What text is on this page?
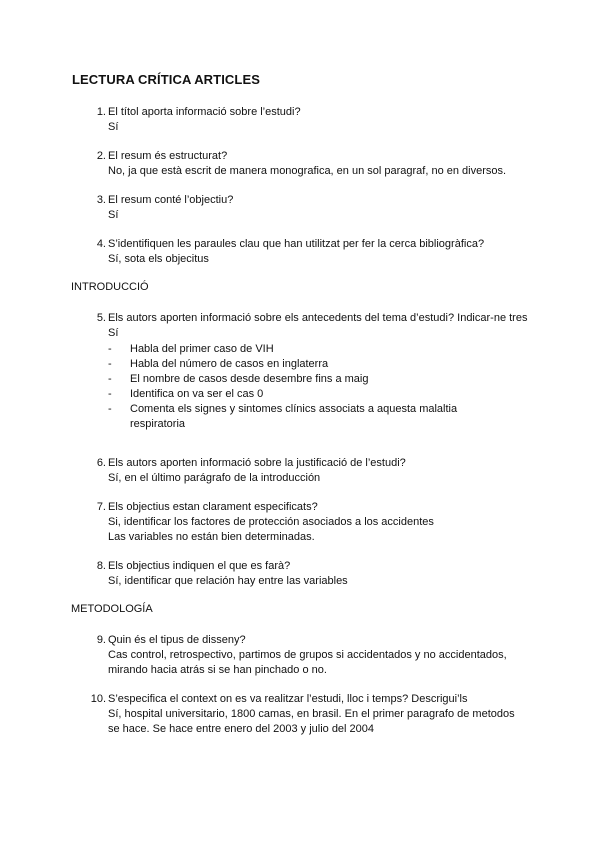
LECTURA CRÍTICA ARTICLES
1. El títol aporta informació sobre l’estudi?
Sí
2. El resum és estructurat?
No, ja que està escrit de manera monografica, en un sol paragraf, no en diversos.
3. El resum conté l’objectiu?
Sí
4. S’identifiquen les paraules clau que han utilitzat per fer la cerca bibliogràfica?
Sí, sota els objecitus
INTRODUCCIÓ
5. Els autors aporten informació sobre els antecedents del tema d’estudi? Indicar-ne tres
Sí
- Habla del primer caso de VIH
- Habla del número de casos en inglaterra
- El nombre de casos desde desembre fins a maig
- Identifica on va ser el cas 0
- Comenta els signes y sintomes clínics associats a aquesta malaltia respiratoria
6. Els autors aporten informació sobre la justificació de l’estudi?
Sí, en el último parágrafo de la introducción
7. Els objectius estan clarament especificats?
Si, identificar los factores de protección asociados a los accidentes
Las variables no están bien determinadas.
8. Els objectius indiquen el que es farà?
Sí, identificar que relación hay entre las variables
METODOLOGÍA
9. Quin és el tipus de disseny?
Cas control, retrospectivo, partimos de grupos si accidentados y no accidentados, mirando hacia atrás si se han pinchado o no.
10. S’especifica el context on es va realitzar l’estudi, lloc i temps? Descrigui’ls
Sí, hospital universitario, 1800 camas, en brasil. En el primer paragrafo de metodos se hace. Se hace entre enero del 2003 y julio del 2004
